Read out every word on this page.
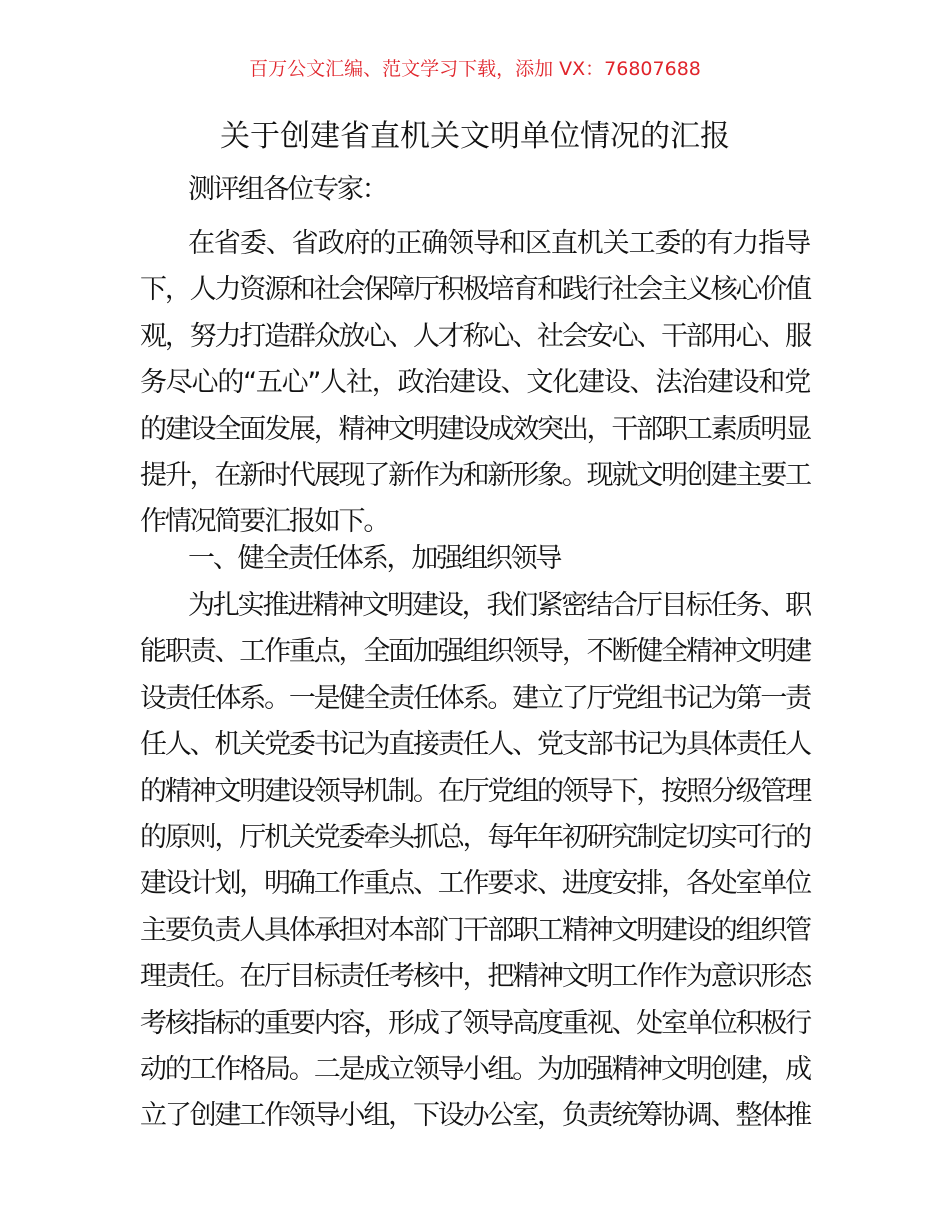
百万公文汇编、范文学习下载，添加 VX：76807688
关于创建省直机关文明单位情况的汇报
测评组各位专家：
在省委、省政府的正确领导和区直机关工委的有力指导
下，人力资源和社会保障厅积极培育和践行社会主义核心价值
观，努力打造群众放心、人才称心、社会安心、干部用心、服
务尽心的“五心”人社，政治建设、文化建设、法治建设和党
的建设全面发展，精神文明建设成效突出，干部职工素质明显
提升，在新时代展现了新作为和新形象。现就文明创建主要工
作情况简要汇报如下。
一、健全责任体系，加强组织领导
为扎实推进精神文明建设，我们紧密结合厅目标任务、职
能职责、工作重点，全面加强组织领导，不断健全精神文明建
设责任体系。一是健全责任体系。建立了厅党组书记为第一责
任人、机关党委书记为直接责任人、党支部书记为具体责任人
的精神文明建设领导机制。在厅党组的领导下，按照分级管理
的原则，厅机关党委牵头抓总，每年年初研究制定切实可行的
建设计划，明确工作重点、工作要求、进度安排，各处室单位
主要负责人具体承担对本部门干部职工精神文明建设的组织管
理责任。在厅目标责任考核中，把精神文明工作作为意识形态
考核指标的重要内容，形成了领导高度重视、处室单位积极行
动的工作格局。二是成立领导小组。为加强精神文明创建，成
立了创建工作领导小组，下设办公室，负责统筹协调、整体推
